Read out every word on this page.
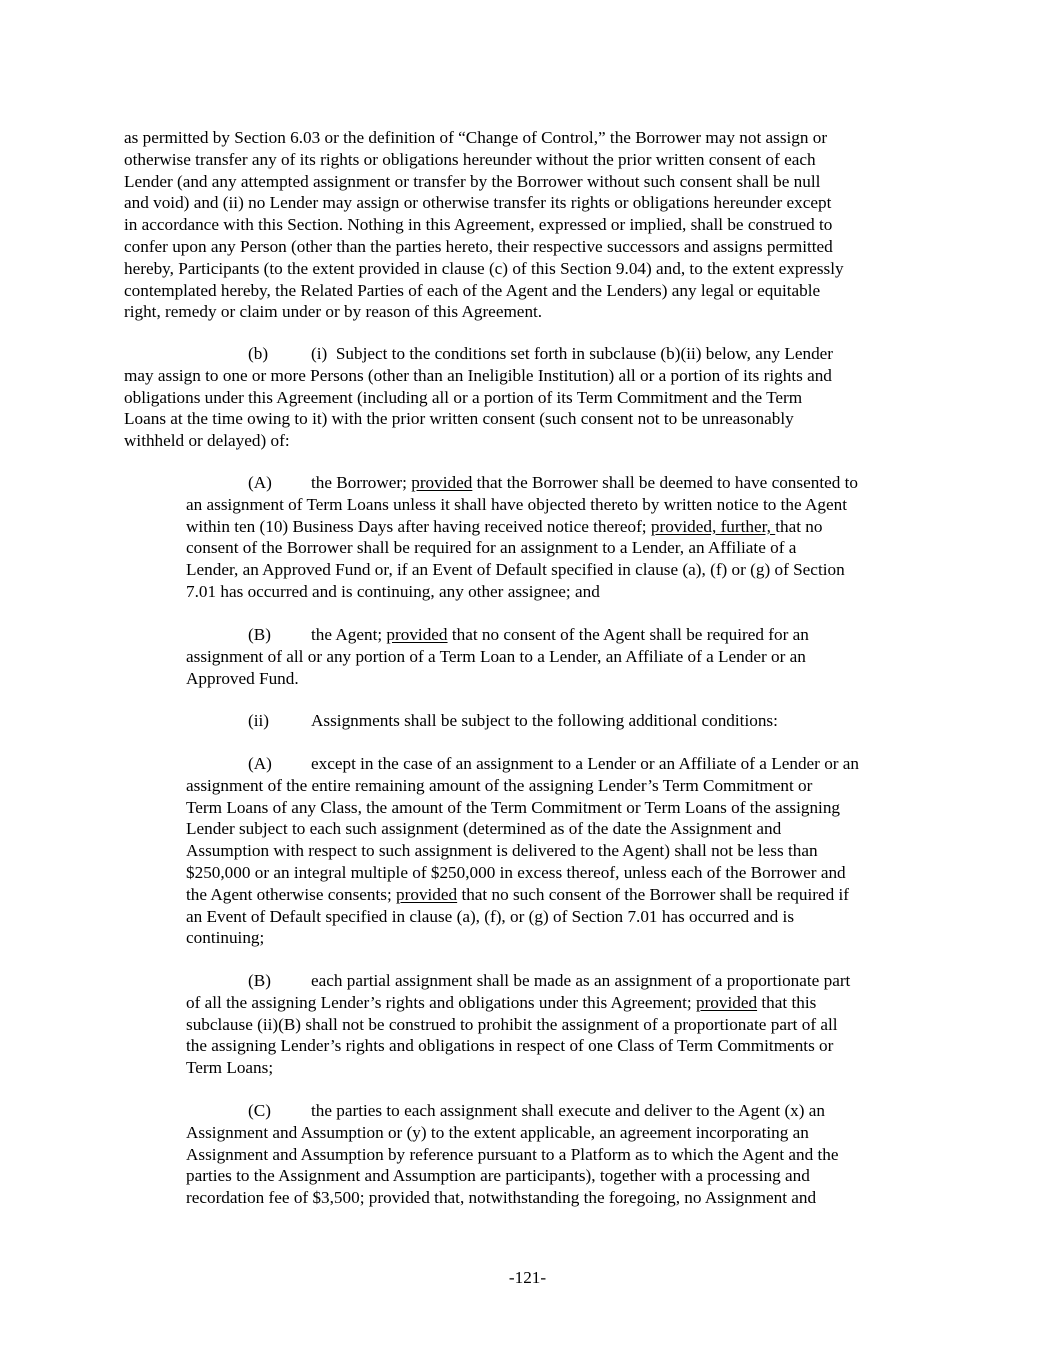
as permitted by Section 6.03 or the definition of “Change of Control,” the Borrower may not assign or
otherwise transfer any of its rights or obligations hereunder without the prior written consent of each
Lender (and any attempted assignment or transfer by the Borrower without such consent shall be null
and void) and (ii) no Lender may assign or otherwise transfer its rights or obligations hereunder except
in accordance with this Section. Nothing in this Agreement, expressed or implied, shall be construed to
confer upon any Person (other than the parties hereto, their respective successors and assigns permitted
hereby, Participants (to the extent provided in clause (c) of this Section 9.04) and, to the extent expressly
contemplated hereby, the Related Parties of each of the Agent and the Lenders) any legal or equitable
right, remedy or claim under or by reason of this Agreement.
(b) (i) Subject to the conditions set forth in subclause (b)(ii) below, any Lender
may assign to one or more Persons (other than an Ineligible Institution) all or a portion of its rights and
obligations under this Agreement (including all or a portion of its Term Commitment and the Term
Loans at the time owing to it) with the prior written consent (such consent not to be unreasonably
withheld or delayed) of:
(A) the Borrower; provided that the Borrower shall be deemed to have consented to
an assignment of Term Loans unless it shall have objected thereto by written notice to the Agent
within ten (10) Business Days after having received notice thereof; provided, further, that no
consent of the Borrower shall be required for an assignment to a Lender, an Affiliate of a
Lender, an Approved Fund or, if an Event of Default specified in clause (a), (f) or (g) of Section
7.01 has occurred and is continuing, any other assignee; and
(B) the Agent; provided that no consent of the Agent shall be required for an
assignment of all or any portion of a Term Loan to a Lender, an Affiliate of a Lender or an
Approved Fund.
(ii) Assignments shall be subject to the following additional conditions:
(A) except in the case of an assignment to a Lender or an Affiliate of a Lender or an
assignment of the entire remaining amount of the assigning Lender’s Term Commitment or
Term Loans of any Class, the amount of the Term Commitment or Term Loans of the assigning
Lender subject to each such assignment (determined as of the date the Assignment and
Assumption with respect to such assignment is delivered to the Agent) shall not be less than
$250,000 or an integral multiple of $250,000 in excess thereof, unless each of the Borrower and
the Agent otherwise consents; provided that no such consent of the Borrower shall be required if
an Event of Default specified in clause (a), (f), or (g) of Section 7.01 has occurred and is
continuing;
(B) each partial assignment shall be made as an assignment of a proportionate part
of all the assigning Lender’s rights and obligations under this Agreement; provided that this
subclause (ii)(B) shall not be construed to prohibit the assignment of a proportionate part of all
the assigning Lender’s rights and obligations in respect of one Class of Term Commitments or
Term Loans;
(C) the parties to each assignment shall execute and deliver to the Agent (x) an
Assignment and Assumption or (y) to the extent applicable, an agreement incorporating an
Assignment and Assumption by reference pursuant to a Platform as to which the Agent and the
parties to the Assignment and Assumption are participants), together with a processing and
recordation fee of $3,500; provided that, notwithstanding the foregoing, no Assignment and
-121-
